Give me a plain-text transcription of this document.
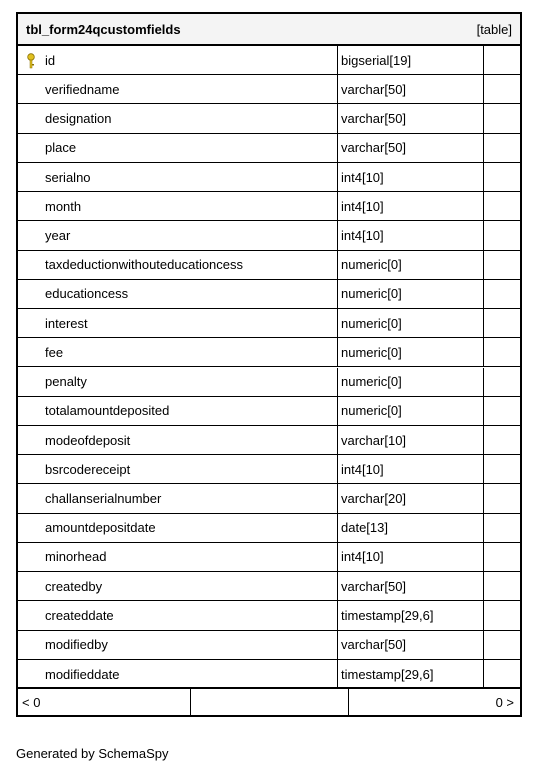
tbl_form24qcustomfields	[table]
id	bigserial[19]
verifiedname	varchar[50]
designation	varchar[50]
place	varchar[50]
serialno	int4[10]
month	int4[10]
year	int4[10]
taxdeductionwithouteducationcess	numeric[0]
educationcess	numeric[0]
interest	numeric[0]
fee	numeric[0]
penalty	numeric[0]
totalamountdeposited	numeric[0]
modeofdeposit	varchar[10]
bsrcodereceipt	int4[10]
challanserialnumber	varchar[20]
amountdepositdate	date[13]
minorhead	int4[10]
createdby	varchar[50]
createddate	timestamp[29,6]
modifiedby	varchar[50]
modifieddate	timestamp[29,6]
< 0	0 >
Generated by SchemaSpy
